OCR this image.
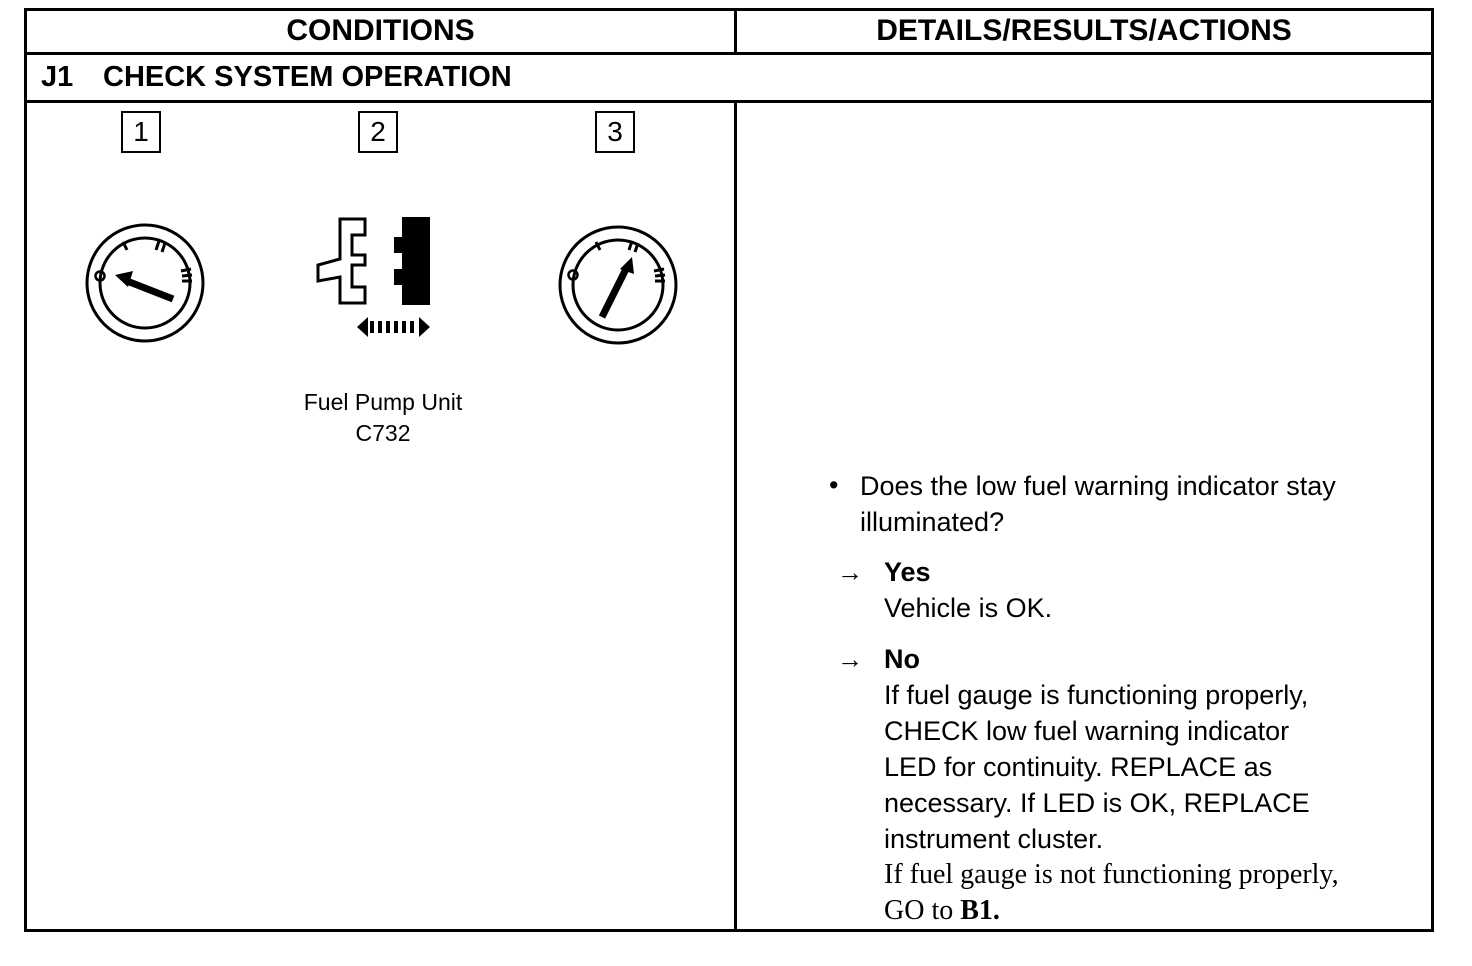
CONDITIONS	DETAILS/RESULTS/ACTIONS
J1 CHECK SYSTEM OPERATION
1	2	3
Fuel Pump Unit
C732
• Does the low fuel warning indicator stay
illuminated?
→ Yes
Vehicle is OK.
→ No
If fuel gauge is functioning properly,
CHECK low fuel warning indicator
LED for continuity. REPLACE as
necessary. If LED is OK, REPLACE
instrument cluster.
If fuel gauge is not functioning properly,
GO to B1.
